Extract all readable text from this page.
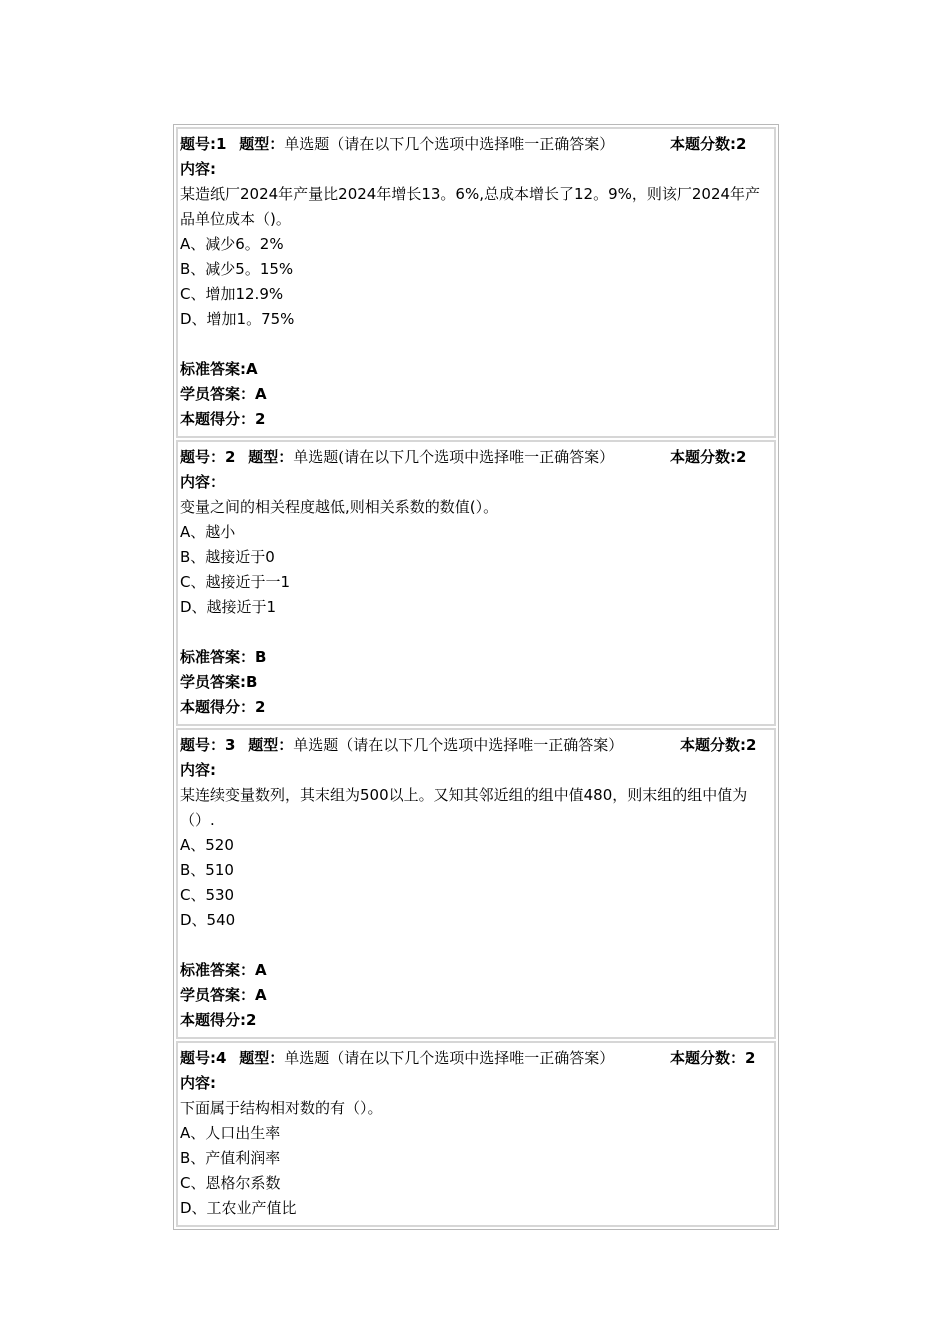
题号:1 题型：单选题（请在以下几个选项中选择唯一正确答案）	本题分数:2
内容:
某造纸厂2024年产量比2024年增长13。6%,总成本增长了12。9%，则该厂2024年产品单位成本（)。
A、减少6。2%
B、减少5。15%
C、增加12.9%
D、增加1。75%
标准答案:A
学员答案：A
本题得分：2
题号：2 题型：单选题(请在以下几个选项中选择唯一正确答案）	本题分数:2
内容：
变量之间的相关程度越低,则相关系数的数值(）。
A、越小
B、越接近于0
C、越接近于一1
D、越接近于1
标准答案：B
学员答案:B
本题得分：2
题号：3 题型：单选题（请在以下几个选项中选择唯一正确答案）	本题分数:2
内容:
某连续变量数列，其末组为500以上。又知其邻近组的组中值480，则末组的组中值为（）.
A、520
B、510
C、530
D、540
标准答案：A
学员答案：A
本题得分:2
题号:4 题型：单选题（请在以下几个选项中选择唯一正确答案）	本题分数：2
内容:
下面属于结构相对数的有（）。
A、人口出生率
B、产值利润率
C、恩格尔系数
D、工农业产值比
